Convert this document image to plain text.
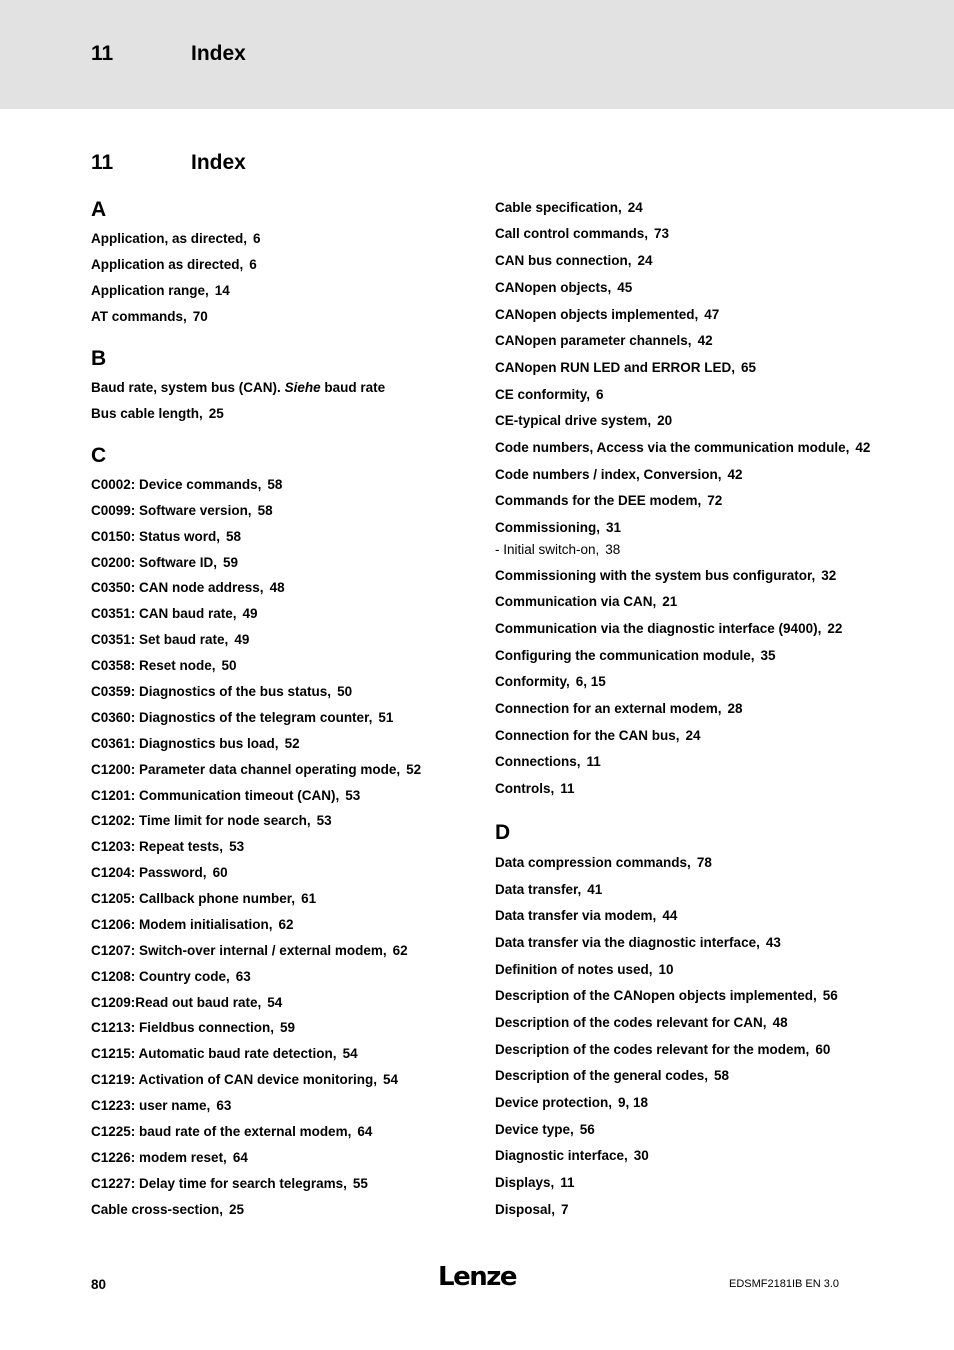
11	Index
11	Index
A
Application, as directed, 6
Application as directed, 6
Application range, 14
AT commands, 70
B
Baud rate, system bus (CAN). Siehe baud rate
Bus cable length, 25
C
C0002: Device commands, 58
C0099: Software version, 58
C0150: Status word, 58
C0200: Software ID, 59
C0350: CAN node address, 48
C0351: CAN baud rate, 49
C0351: Set baud rate, 49
C0358: Reset node, 50
C0359: Diagnostics of the bus status, 50
C0360: Diagnostics of the telegram counter, 51
C0361: Diagnostics bus load, 52
C1200: Parameter data channel operating mode, 52
C1201: Communication timeout (CAN), 53
C1202: Time limit for node search, 53
C1203: Repeat tests, 53
C1204: Password, 60
C1205: Callback phone number, 61
C1206: Modem initialisation, 62
C1207: Switch-over internal / external modem, 62
C1208: Country code, 63
C1209:Read out baud rate, 54
C1213: Fieldbus connection, 59
C1215: Automatic baud rate detection, 54
C1219: Activation of CAN device monitoring, 54
C1223: user name, 63
C1225: baud rate of the external modem, 64
C1226: modem reset, 64
C1227: Delay time for search telegrams, 55
Cable cross-section, 25
Cable specification, 24
Call control commands, 73
CAN bus connection, 24
CANopen objects, 45
CANopen objects implemented, 47
CANopen parameter channels, 42
CANopen RUN LED and ERROR LED, 65
CE conformity, 6
CE-typical drive system, 20
Code numbers, Access via the communication module, 42
Code numbers / index, Conversion, 42
Commands for the DEE modem, 72
Commissioning, 31
- Initial switch-on, 38
Commissioning with the system bus configurator, 32
Communication via CAN, 21
Communication via the diagnostic interface (9400), 22
Configuring the communication module, 35
Conformity, 6, 15
Connection for an external modem, 28
Connection for the CAN bus, 24
Connections, 11
Controls, 11
D
Data compression commands, 78
Data transfer, 41
Data transfer via modem, 44
Data transfer via the diagnostic interface, 43
Definition of notes used, 10
Description of the CANopen objects implemented, 56
Description of the codes relevant for CAN, 48
Description of the codes relevant for the modem, 60
Description of the general codes, 58
Device protection, 9, 18
Device type, 56
Diagnostic interface, 30
Displays, 11
Disposal, 7
80	Lenze	EDSMF2181IB EN 3.0
